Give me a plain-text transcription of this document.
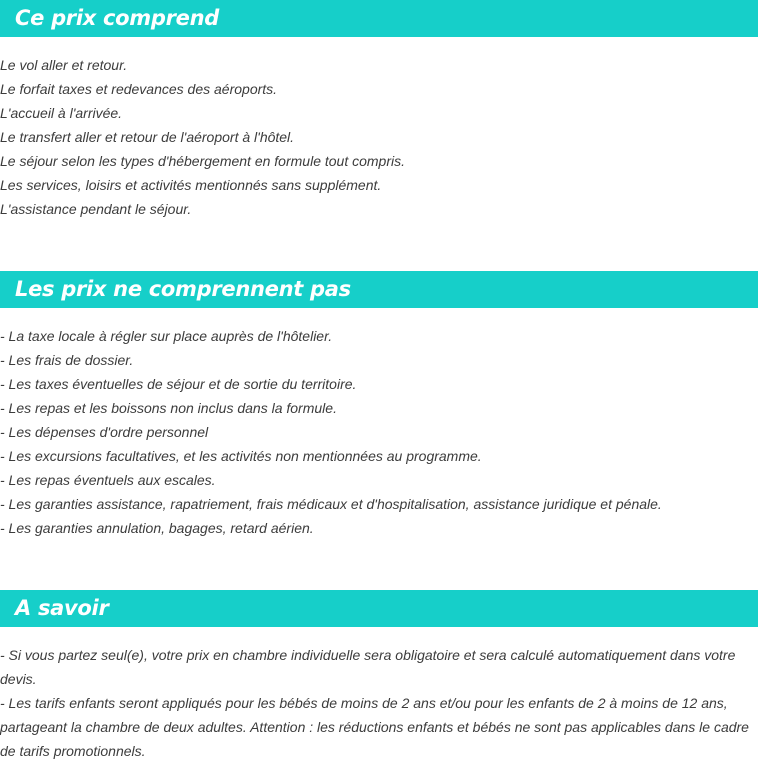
Ce prix comprend
Le vol aller et retour.
Le forfait taxes et redevances des aéroports.
L'accueil à l'arrivée.
Le transfert aller et retour de l'aéroport à l'hôtel.
Le séjour selon les types d'hébergement en formule tout compris.
Les services, loisirs et activités mentionnés sans supplément.
L'assistance pendant le séjour.
Les prix ne comprennent pas
- La taxe locale à régler sur place auprès de l'hôtelier.
- Les frais de dossier.
- Les taxes éventuelles de séjour et de sortie du territoire.
- Les repas et les boissons non inclus dans la formule.
- Les dépenses d'ordre personnel
- Les excursions facultatives, et les activités non mentionnées au programme.
- Les repas éventuels aux escales.
- Les garanties assistance, rapatriement, frais médicaux et d'hospitalisation, assistance juridique et pénale.
- Les garanties annulation, bagages, retard aérien.
A savoir

- Si vous partez seul(e), votre prix en chambre individuelle sera obligatoire et sera calculé automatiquement dans votre devis.

- Les tarifs enfants seront appliqués pour les bébés de moins de 2 ans et/ou pour les enfants de 2 à moins de 12 ans, partageant la chambre de deux adultes. Attention : les réductions enfants et bébés ne sont pas applicables dans le cadre de tarifs promotionnels.
